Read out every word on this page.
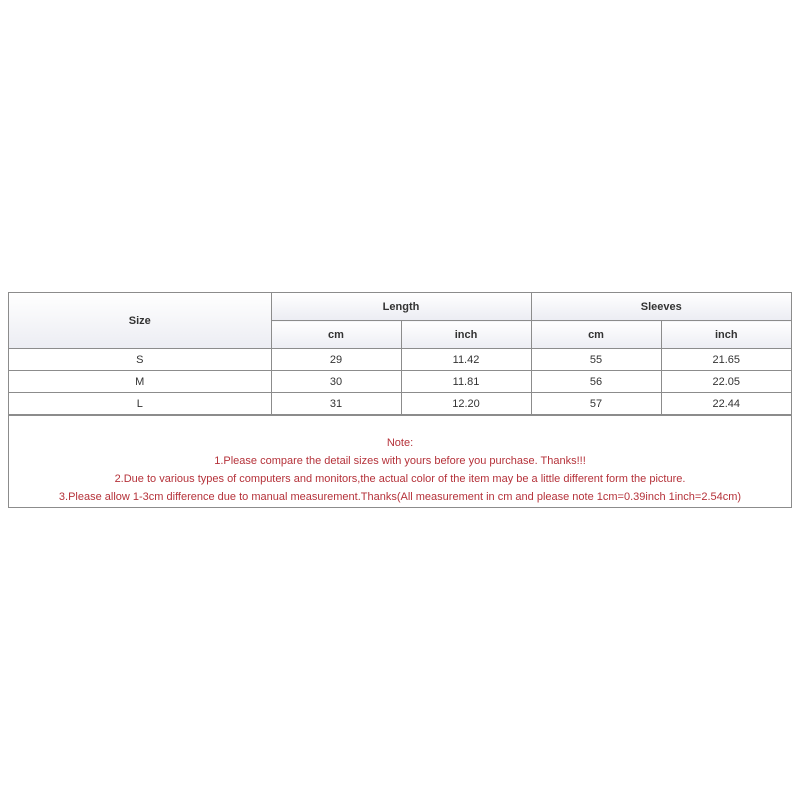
Size	Length		Sleeves	
	cm	inch	cm	inch
S	29	11.42	55	21.65
M	30	11.81	56	22.05
L	31	12.20	57	22.44
Note:
1.Please compare the detail sizes with yours before you purchase. Thanks!!!
2.Due to various types of computers and monitors,the actual color of the item may be a little different form the picture.
3.Please allow 1-3cm difference due to manual measurement.Thanks(All measurement in cm and please note 1cm=0.39inch 1inch=2.54cm)
